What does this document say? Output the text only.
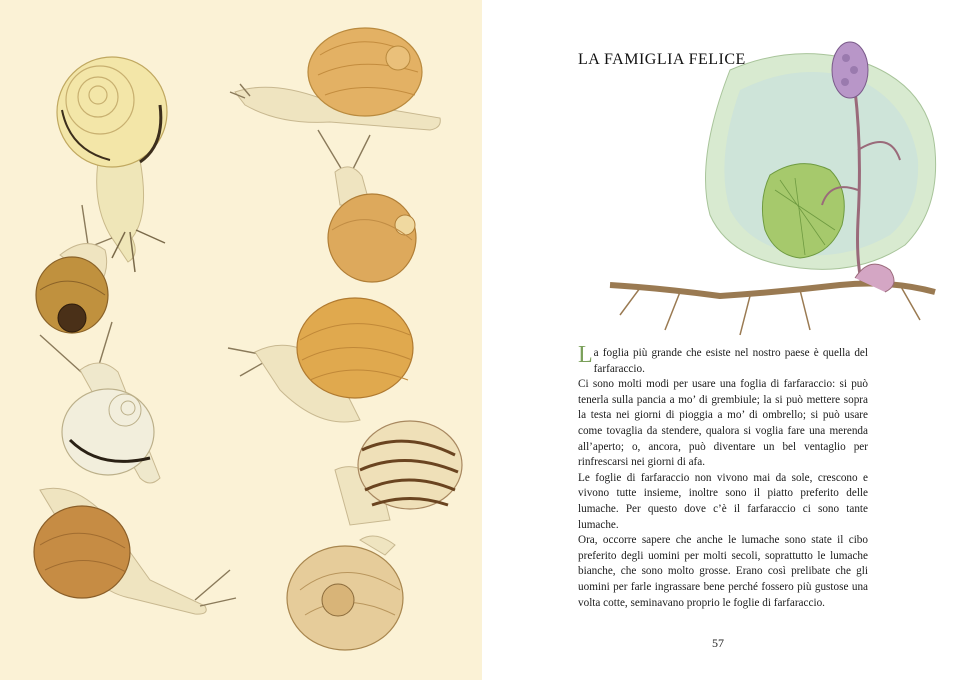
LA FAMIGLIA FELICE

La foglia più grande che esiste nel nostro paese è quella del farfaraccio.

Ci sono molti modi per usare una foglia di farfaraccio: si può tenerla sulla pancia a mo’ di grembiule; la si può mettere sopra la testa nei giorni di pioggia a mo’ di ombrello; si può usare come tovaglia da stendere, qualora si voglia fare una merenda all’aperto; o, ancora, può diventare un bel ventaglio per rinfrescarsi nei giorni di afa.

Le foglie di farfaraccio non vivono mai da sole, crescono e vivono tutte insieme, inoltre sono il piatto preferito delle lumache. Per questo dove c’è il farfaraccio ci sono tante lumache.

Ora, occorre sapere che anche le lumache sono state il cibo preferito degli uomini per molti secoli, soprattutto le lumache bianche, che sono molto grosse. Erano così prelibate che gli uomini per farle ingrassare bene perché fossero più gustose una volta cotte, seminavano proprio le foglie di farfaraccio.

57
